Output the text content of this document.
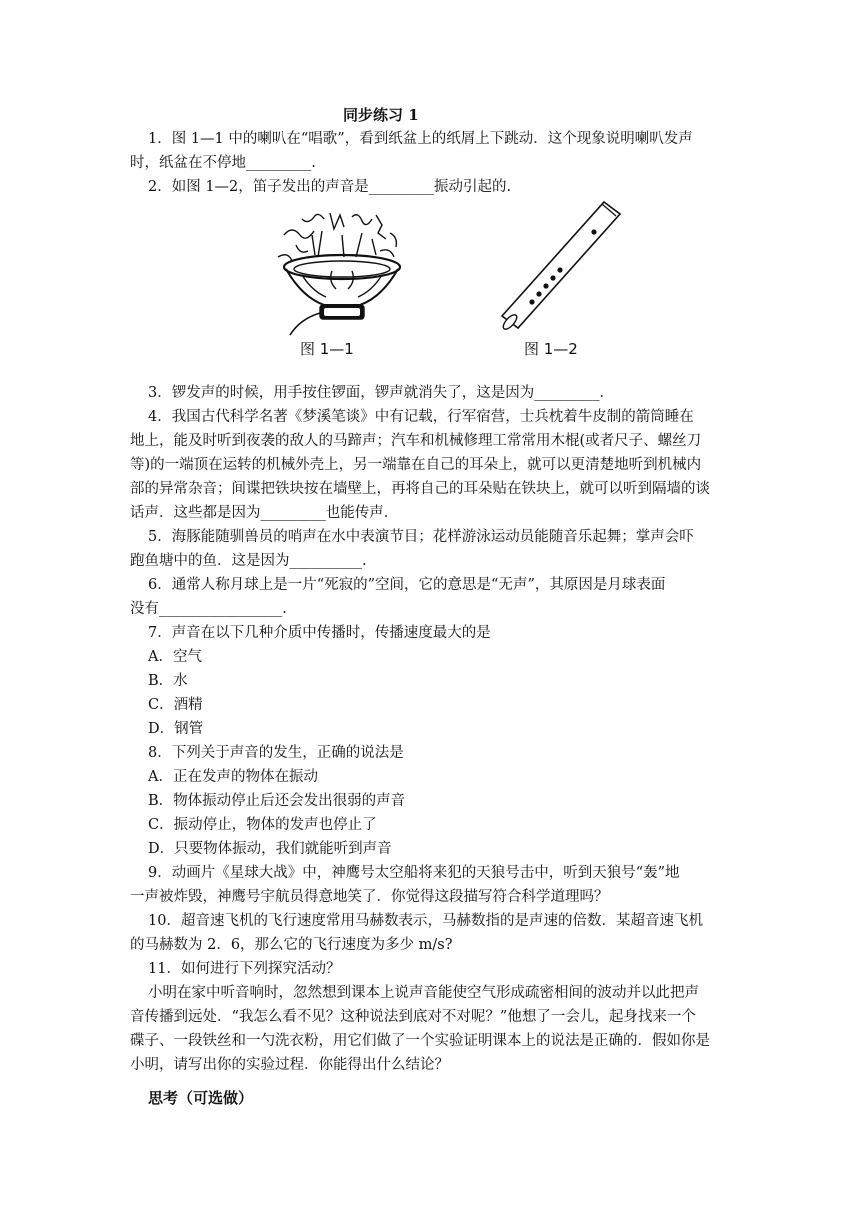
同步练习 1
1．图 1—1 中的喇叭在“唱歌”，看到纸盆上的纸屑上下跳动．这个现象说明喇叭发声
时，纸盆在不停地_________.
2．如图 1—2，笛子发出的声音是_________振动引起的.
图 1—1	图 1—2
3．锣发声的时候，用手按住锣面，锣声就消失了，这是因为_________．
4．我国古代科学名著《梦溪笔谈》中有记载，行军宿营，士兵枕着牛皮制的箭筒睡在
地上，能及时听到夜袭的敌人的马蹄声；汽车和机械修理工常常用木棍(或者尺子、螺丝刀
等)的一端顶在运转的机械外壳上，另一端靠在自己的耳朵上，就可以更清楚地听到机械内
部的异常杂音；间谍把铁块按在墙壁上，再将自己的耳朵贴在铁块上，就可以听到隔墙的谈
话声．这些都是因为_________也能传声．
5．海豚能随驯兽员的哨声在水中表演节目；花样游泳运动员能随音乐起舞；掌声会吓
跑鱼塘中的鱼．这是因为__________.
6．通常人称月球上是一片“死寂的”空间，它的意思是“无声”，其原因是月球表面
没有_________________.
7．声音在以下几种介质中传播时，传播速度最大的是
A．空气
B．水
C．酒精
D．钢管
8．下列关于声音的发生，正确的说法是
A．正在发声的物体在振动
B．物体振动停止后还会发出很弱的声音
C．振动停止，物体的发声也停止了
D．只要物体振动，我们就能听到声音
9．动画片《星球大战》中，神鹰号太空船将来犯的天狼号击中，听到天狼号“轰”地
一声被炸毁，神鹰号宇航员得意地笑了．你觉得这段描写符合科学道理吗？
10．超音速飞机的飞行速度常用马赫数表示，马赫数指的是声速的倍数．某超音速飞机
的马赫数为 2．6，那么它的飞行速度为多少 m/s?
11．如何进行下列探究活动？
小明在家中听音响时，忽然想到课本上说声音能使空气形成疏密相间的波动并以此把声
音传播到远处．“我怎么看不见？这种说法到底对不对呢？”他想了一会儿，起身找来一个
碟子、一段铁丝和一勺洗衣粉，用它们做了一个实验证明课本上的说法是正确的．假如你是
小明，请写出你的实验过程．你能得出什么结论？
思考（可选做）
